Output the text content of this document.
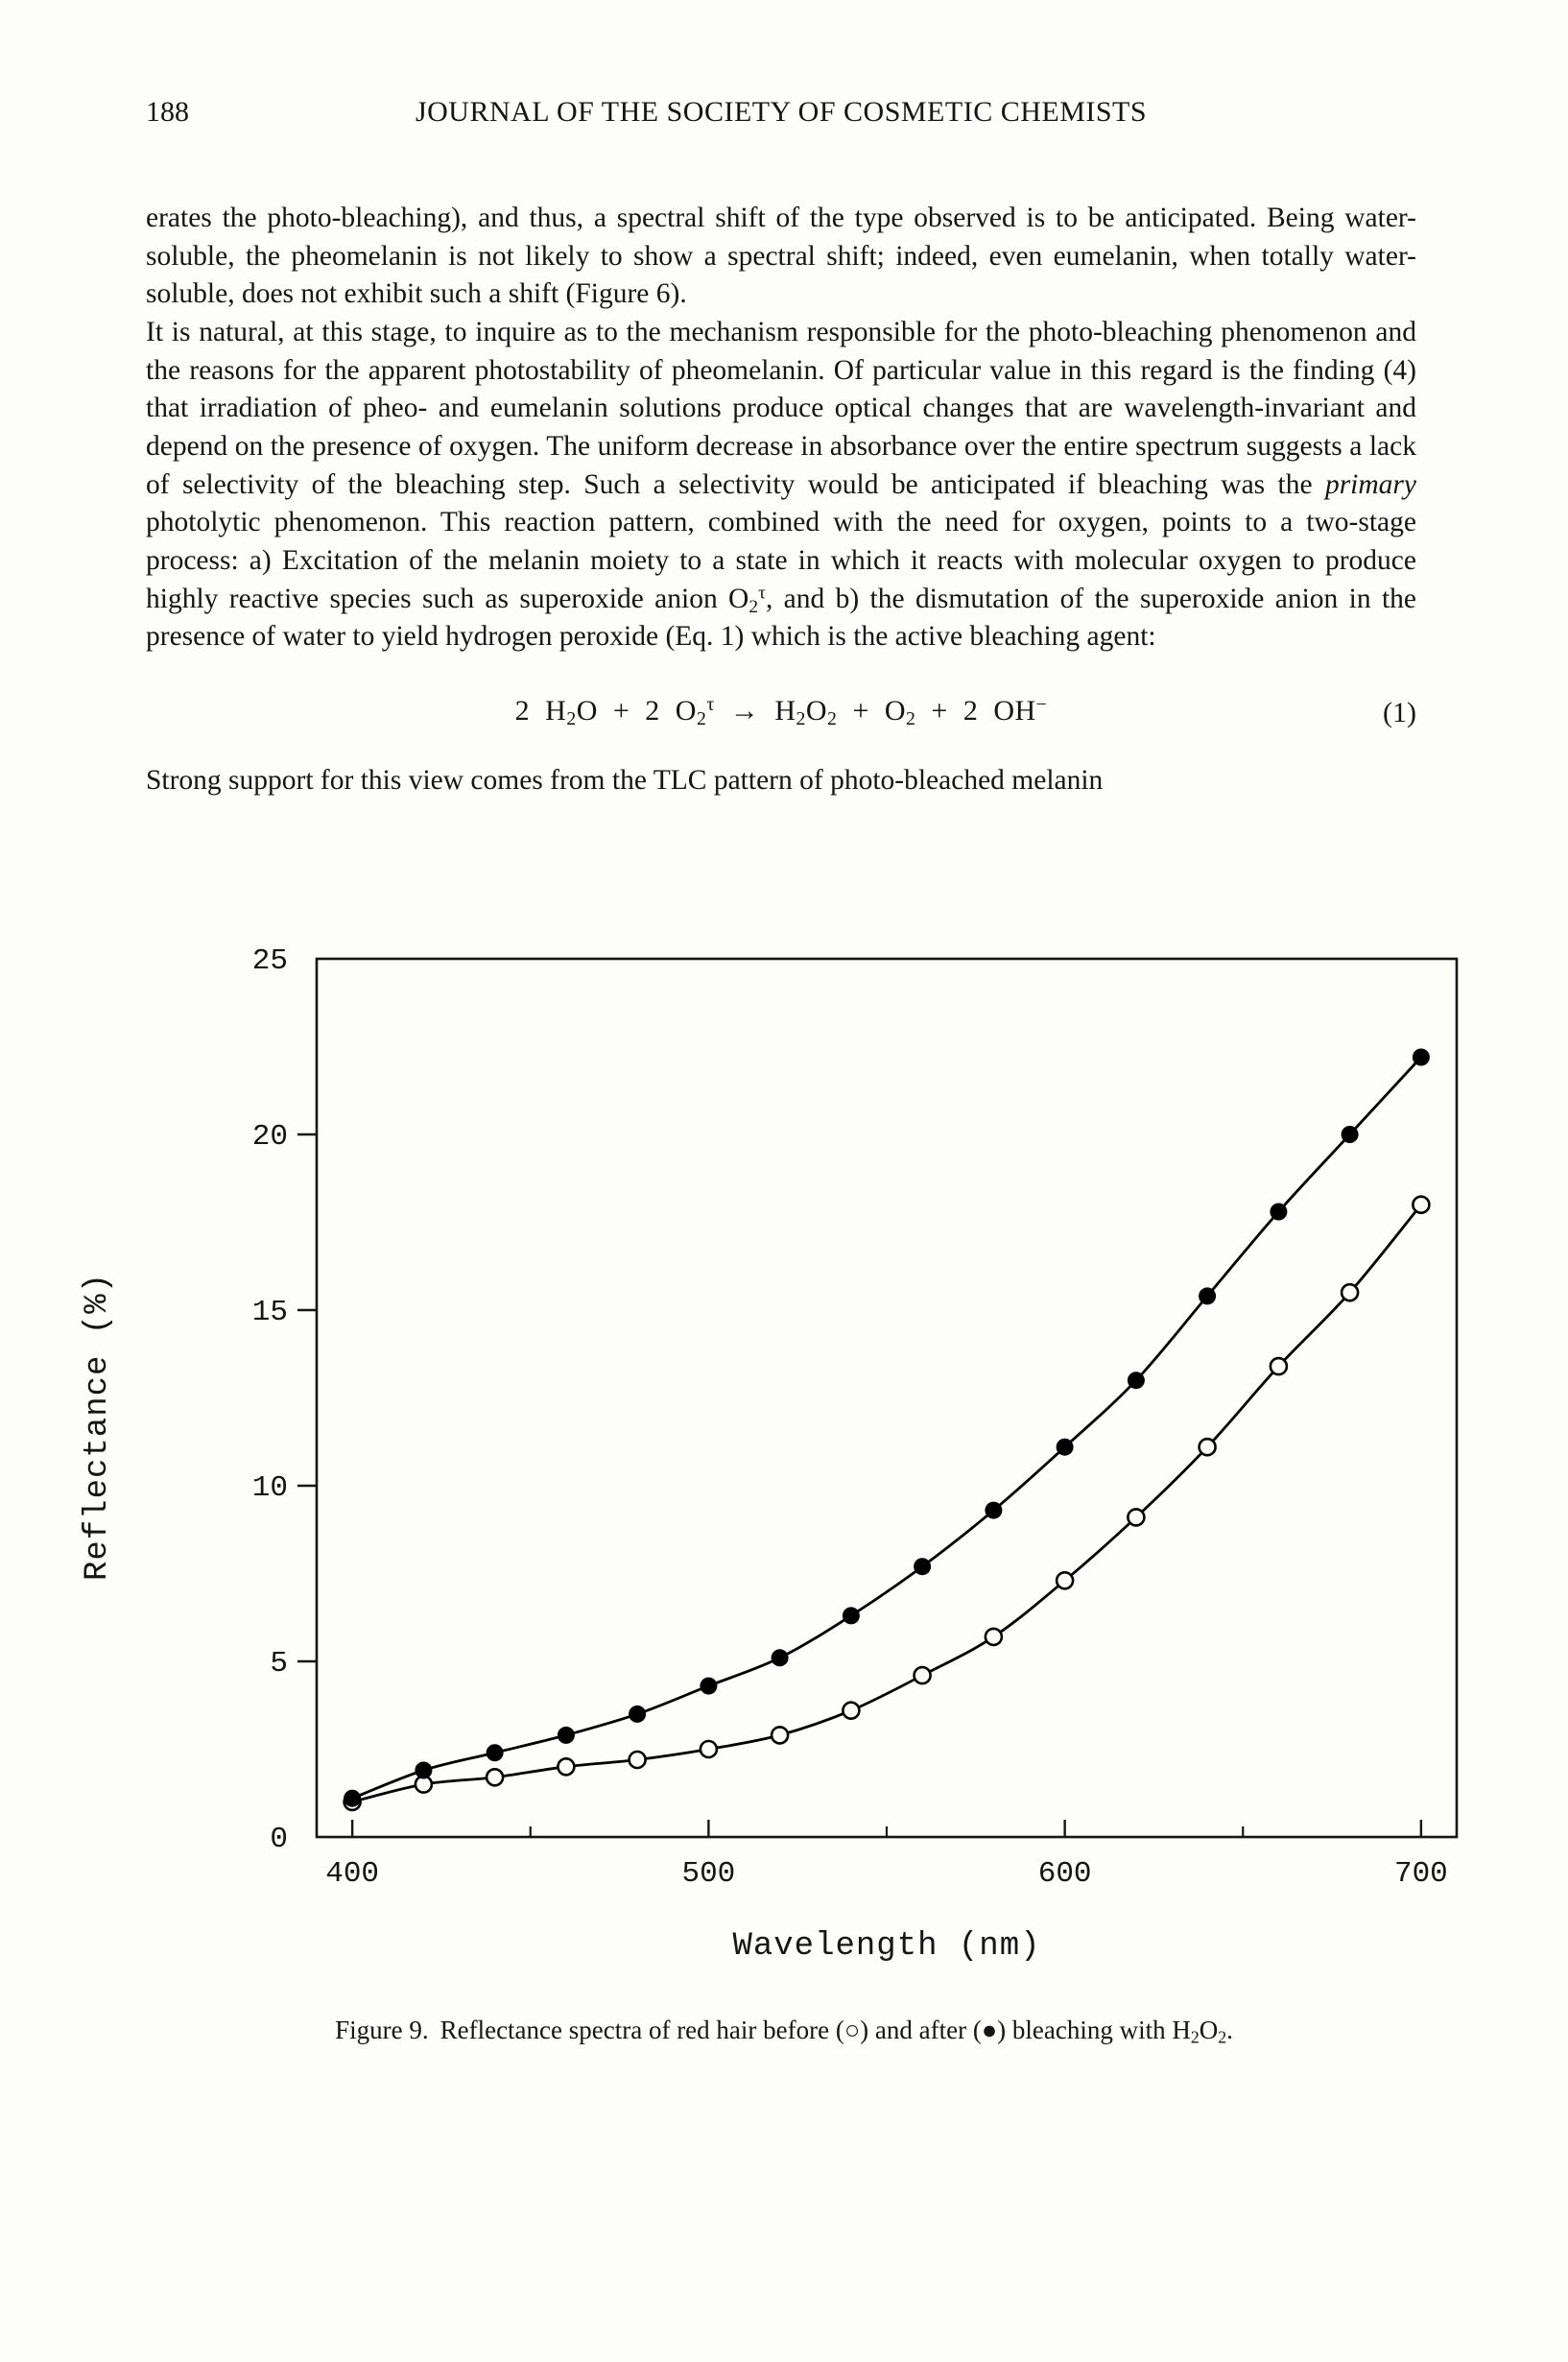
188	JOURNAL OF THE SOCIETY OF COSMETIC CHEMISTS

erates the photo-bleaching), and thus, a spectral shift of the type observed is to be anticipated. Being water-soluble, the pheomelanin is not likely to show a spectral shift; indeed, even eumelanin, when totally water-soluble, does not exhibit such a shift (Figure 6).

It is natural, at this stage, to inquire as to the mechanism responsible for the photo-bleaching phenomenon and the reasons for the apparent photostability of pheomelanin. Of particular value in this regard is the finding (4) that irradiation of pheo- and eumelanin solutions produce optical changes that are wavelength-invariant and depend on the presence of oxygen. The uniform decrease in absorbance over the entire spectrum suggests a lack of selectivity of the bleaching step. Such a selectivity would be anticipated if bleaching was the primary photolytic phenomenon. This reaction pattern, combined with the need for oxygen, points to a two-stage process: a) Excitation of the melanin moiety to a state in which it reacts with molecular oxygen to produce highly reactive species such as superoxide anion $O_2^\tau$, and b) the dismutation of the superoxide anion in the presence of water to yield hydrogen peroxide (Eq. 1) which is the active bleaching agent:

2 $H_2O + 2$ $O_2^\tau \to H_2O_2 + O_2 + 2$ OH−	(1)

Strong support for this view comes from the TLC pattern of photo-bleached melanin

0
5
10
15
20
25
400	500	600	700
Wavelength (nm)
Reflectance (%)
Figure 9. Reflectance spectra of red hair before (○) and after (●) bleaching with $H_2O_2$.
